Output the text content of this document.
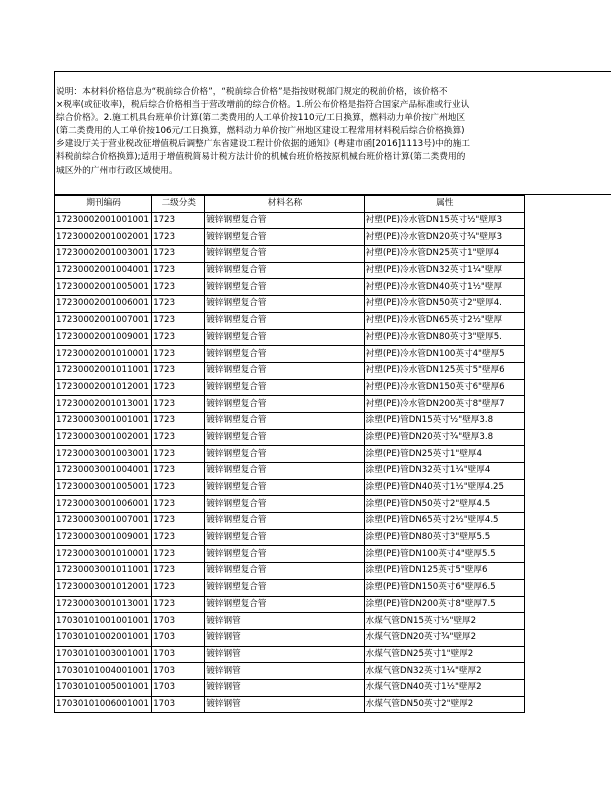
说明：本材料价格信息为“税前综合价格”，“税前综合价格”是指按财税部门规定的税前价格，该价格不
×税率(或征收率)，税后综合价格相当于营改增前的综合价格。1.所公布价格是指符合国家产品标准或行业认
综合价格》。2.施工机具台班单价计算(第二类费用的人工单价按110元/工日换算，燃料动力单价按广州地区
(第二类费用的人工单价按106元/工日换算，燃料动力单价按广州地区建设工程常用材料税后综合价格换算)
乡建设厅关于营业税改征增值税后调整广东省建设工程计价依据的通知》(粤建市函[2016]1113号)中的施工
料税前综合价格换算);适用于增值税简易计税方法计价的机械台班价格按原机械台班价格计算(第二类费用的
城区外的广州市行政区域使用。
期刊编码	二级分类	材料名称	属性
17230002001001001	1723	镀锌钢塑复合管	衬塑(PE)冷水管DN15英寸½"壁厚3
17230002001002001	1723	镀锌钢塑复合管	衬塑(PE)冷水管DN20英寸¾"壁厚3
17230002001003001	1723	镀锌钢塑复合管	衬塑(PE)冷水管DN25英寸1"壁厚4
17230002001004001	1723	镀锌钢塑复合管	衬塑(PE)冷水管DN32英寸1¼"壁厚
17230002001005001	1723	镀锌钢塑复合管	衬塑(PE)冷水管DN40英寸1½"壁厚
17230002001006001	1723	镀锌钢塑复合管	衬塑(PE)冷水管DN50英寸2"壁厚4.
17230002001007001	1723	镀锌钢塑复合管	衬塑(PE)冷水管DN65英寸2½"壁厚
17230002001009001	1723	镀锌钢塑复合管	衬塑(PE)冷水管DN80英寸3"壁厚5.
17230002001010001	1723	镀锌钢塑复合管	衬塑(PE)冷水管DN100英寸4"壁厚5
17230002001011001	1723	镀锌钢塑复合管	衬塑(PE)冷水管DN125英寸5"壁厚6
17230002001012001	1723	镀锌钢塑复合管	衬塑(PE)冷水管DN150英寸6"壁厚6
17230002001013001	1723	镀锌钢塑复合管	衬塑(PE)冷水管DN200英寸8"壁厚7
17230003001001001	1723	镀锌钢塑复合管	涂塑(PE)管DN15英寸½"壁厚3.8
17230003001002001	1723	镀锌钢塑复合管	涂塑(PE)管DN20英寸¾"壁厚3.8
17230003001003001	1723	镀锌钢塑复合管	涂塑(PE)管DN25英寸1"壁厚4
17230003001004001	1723	镀锌钢塑复合管	涂塑(PE)管DN32英寸1¼"壁厚4
17230003001005001	1723	镀锌钢塑复合管	涂塑(PE)管DN40英寸1½"壁厚4.25
17230003001006001	1723	镀锌钢塑复合管	涂塑(PE)管DN50英寸2"壁厚4.5
17230003001007001	1723	镀锌钢塑复合管	涂塑(PE)管DN65英寸2½"壁厚4.5
17230003001009001	1723	镀锌钢塑复合管	涂塑(PE)管DN80英寸3"壁厚5.5
17230003001010001	1723	镀锌钢塑复合管	涂塑(PE)管DN100英寸4"壁厚5.5
17230003001011001	1723	镀锌钢塑复合管	涂塑(PE)管DN125英寸5"壁厚6
17230003001012001	1723	镀锌钢塑复合管	涂塑(PE)管DN150英寸6"壁厚6.5
17230003001013001	1723	镀锌钢塑复合管	涂塑(PE)管DN200英寸8"壁厚7.5
17030101001001001	1703	镀锌钢管	水煤气管DN15英寸½"壁厚2
17030101002001001	1703	镀锌钢管	水煤气管DN20英寸¾"壁厚2
17030101003001001	1703	镀锌钢管	水煤气管DN25英寸1"壁厚2
17030101004001001	1703	镀锌钢管	水煤气管DN32英寸1¼"壁厚2
17030101005001001	1703	镀锌钢管	水煤气管DN40英寸1½"壁厚2
17030101006001001	1703	镀锌钢管	水煤气管DN50英寸2"壁厚2
